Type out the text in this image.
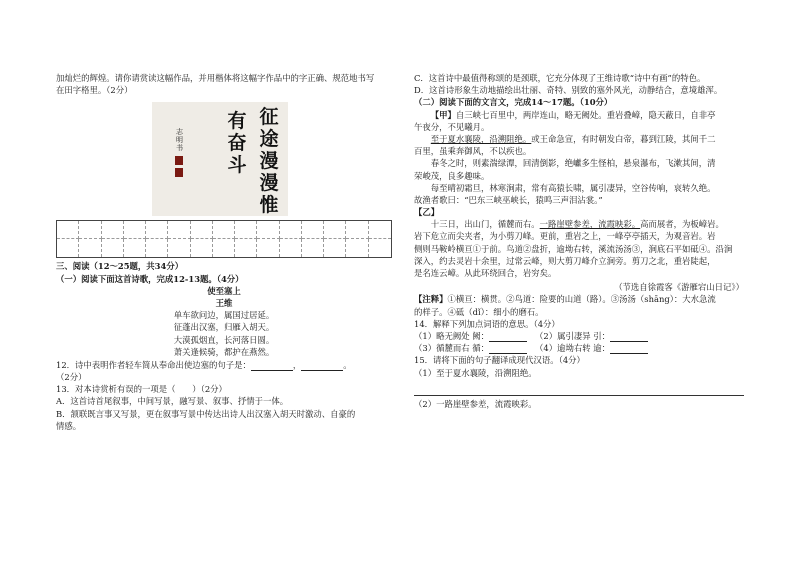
加灿烂的辉煌。请你请赏读这幅作品，并用楷体将这幅字作品中的字正确、规范地书写

在田字格里。（2分）

征
途
漫
漫
惟
有
奋
斗
志明书

三、阅读（12～25题，共34分）

（一）阅读下面这首诗歌，完成12-13题。（4分）

使至塞上

王维

单车欲问边，属国过居延。

征蓬出汉塞，归雁入胡天。

大漠孤烟直，长河落日圆。

萧关逢候骑，都护在燕然。

12．诗中表明作者轻车简从奉命出使边塞的句子是：	，	。

（2分）

13．对本诗赏析有误的一项是（　　）（2分）

A．这首诗首尾叙事，中间写景，融写景、叙事、抒情于一体。

B．颔联既言事又写景，更在叙事写景中传达出诗人出汉塞入胡天时激动、自豪的

情感。

C．这首诗中最值得称颂的是颈联，它充分体现了王维诗歌“诗中有画”的特色。

D．这首诗形象生动地描绘出壮丽、奇特、别致的塞外风光，动静结合，意境雄浑。

（二）阅读下面的文言文，完成14～17题。（10分）

【甲】自三峡七百里中，两岸连山，略无阙处。重岩叠嶂，隐天蔽日，自非亭

午夜分，不见曦月。

至于夏水襄陵，沿溯阻绝。或王命急宣，有时朝发白帝，暮到江陵，其间千二

百里，虽乘奔御风，不以疾也。

春冬之时，则素湍绿潭，回清倒影，绝巘多生怪柏，悬泉瀑布，飞漱其间，清

荣峻茂，良多趣味。

每至晴初霜旦，林寒涧肃，常有高猿长啸，属引凄异，空谷传响，哀转久绝。

故渔者歌曰：“巴东三峡巫峡长，猿鸣三声泪沾裳。”

【乙】

十三日，出山门，循麓而右。一路崖壁参差，流霞映彩。高而展者，为板嶂岩。

岩下危立而尖夹者，为小剪刀峰。更前，重岩之上，一峰亭亭插天，为观音岩。岩

侧则马鞍岭横亘①于前。鸟道②盘折，逾坳右转，溪流汤汤③，涧底石平如砥④。沿涧

深入，约去灵岩十余里，过常云峰，则大剪刀峰介立涧旁。剪刀之北，重岩陡起，

是名连云嶂。从此环绕回合，岩穷矣。

（节选自徐霞客《游雁宕山日记》）

【注释】①横亘：横贯。②鸟道：险要的山道（路）。③汤汤（shāng）：大水急流

的样子。④砥（dǐ）：细小的磨石。

14．解释下列加点词语的意思。（4分）

（1）略无阙处 阙：	（2）属引凄异 引：

（3）循麓而右 循：	（4）逾坳右转 逾：

15．请将下面的句子翻译成现代汉语。（4分）

（1）至于夏水襄陵，沿溯阻绝。

（2）一路崖壁参差，流霞映彩。
